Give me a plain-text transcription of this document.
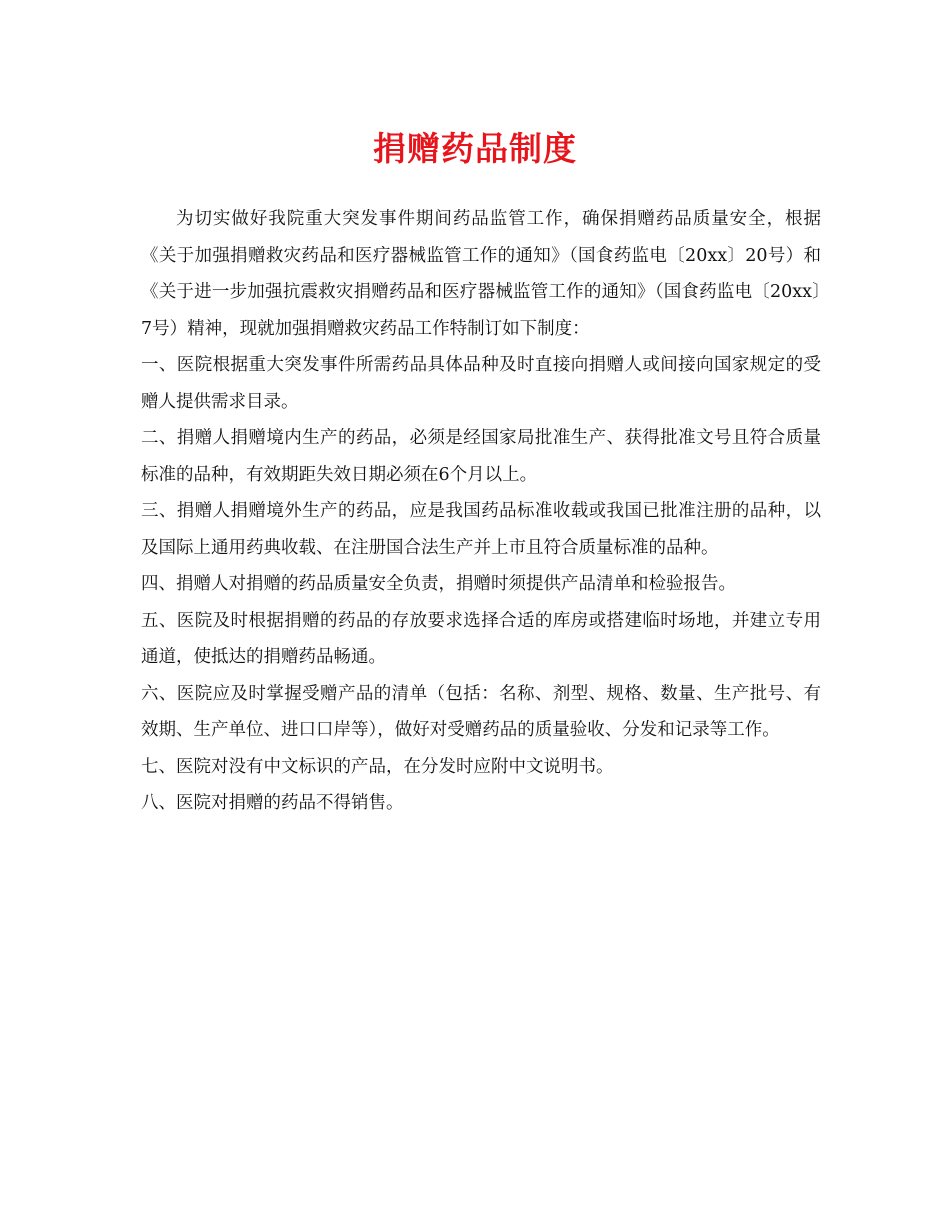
捐赠药品制度

为切实做好我院重大突发事件期间药品监管工作，确保捐赠药品质量安全，根据《关于加强捐赠救灾药品和医疗器械监管工作的通知》（国食药监电〔20xx〕20号）和《关于进一步加强抗震救灾捐赠药品和医疗器械监管工作的通知》（国食药监电〔20xx〕7号）精神，现就加强捐赠救灾药品工作特制订如下制度：

一、医院根据重大突发事件所需药品具体品种及时直接向捐赠人或间接向国家规定的受赠人提供需求目录。

二、捐赠人捐赠境内生产的药品，必须是经国家局批准生产、获得批准文号且符合质量标准的品种，有效期距失效日期必须在6个月以上。

三、捐赠人捐赠境外生产的药品，应是我国药品标准收载或我国已批准注册的品种，以及国际上通用药典收载、在注册国合法生产并上市且符合质量标准的品种。

四、捐赠人对捐赠的药品质量安全负责，捐赠时须提供产品清单和检验报告。

五、医院及时根据捐赠的药品的存放要求选择合适的库房或搭建临时场地，并建立专用通道，使抵达的捐赠药品畅通。

六、医院应及时掌握受赠产品的清单（包括：名称、剂型、规格、数量、生产批号、有效期、生产单位、进口口岸等），做好对受赠药品的质量验收、分发和记录等工作。

七、医院对没有中文标识的产品，在分发时应附中文说明书。

八、医院对捐赠的药品不得销售。
